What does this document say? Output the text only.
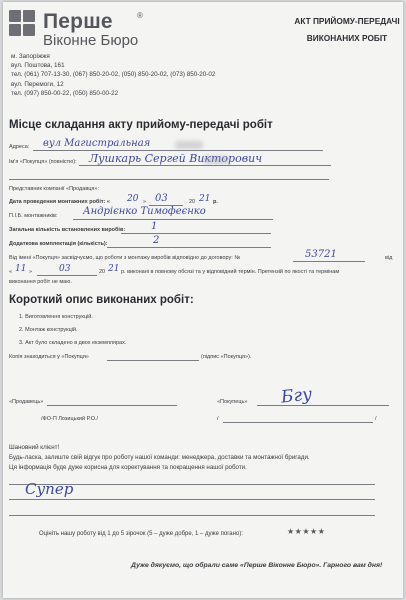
Перше	®
Віконне Бюро
м. Запоріжжя
вул. Поштова, 161
тел. (061) 707-13-30, (067) 850-20-02, (050) 850-20-02, (073) 850-20-02
вул. Перемоги, 12
тел. (097) 850-00-22, (050) 850-00-22
АКТ ПРИЙОМУ-ПЕРЕДАЧІ
ВИКОНАНИХ РОБІТ
Місце складання акту прийому-передачі робіт
Адреса: вул Магистральная
Ім'я «Покупця» (повністю): Лушкарь Сергей Викторович
Представник компанії «Продавця»:
Дата проведення монтажних робіт: « 20 » 03	20 21 р.
П.І.Б. монтажників:	Андрієнко Тимофеєнко
Загальна кількість встановлених виробів:	1
Додаткова комплектація (кількість):	2
Від імені «Покупця» засвідчуємо, що роботи з монтажу виробів відповідно до договору: №	53721	від
« 11 »	03	20 21 р. виконані в повному обсязі та у відповідний термін. Претензій по якості та термінам
виконання робіт не маю.
Короткий опис виконаних робіт:
1. Виготовлення конструкцій.
2. Монтаж конструкцій.
3. Акт було складено в двох екземплярах.
Копія знаходиться у «Покупця»	(підпис «Покупця»).
«Продавець»	«Покупець» Бгу
/ФО-П Лозицький Р.О./	/	/
Шановний клієнт!
Будь-ласка, залиште свій відгук про роботу нашої команди: менеджера, доставки та монтажної бригади.
Ця інформація буде дуже корисна для коректування та покращення нашої роботи.
Супер
Оцініть нашу роботу від 1 до 5 зірочок (5 – дуже добре, 1 – дуже погано):	★★★★★
Дуже дякуємо, що обрали саме «Перше Віконне Бюро». Гарного вам дня!
